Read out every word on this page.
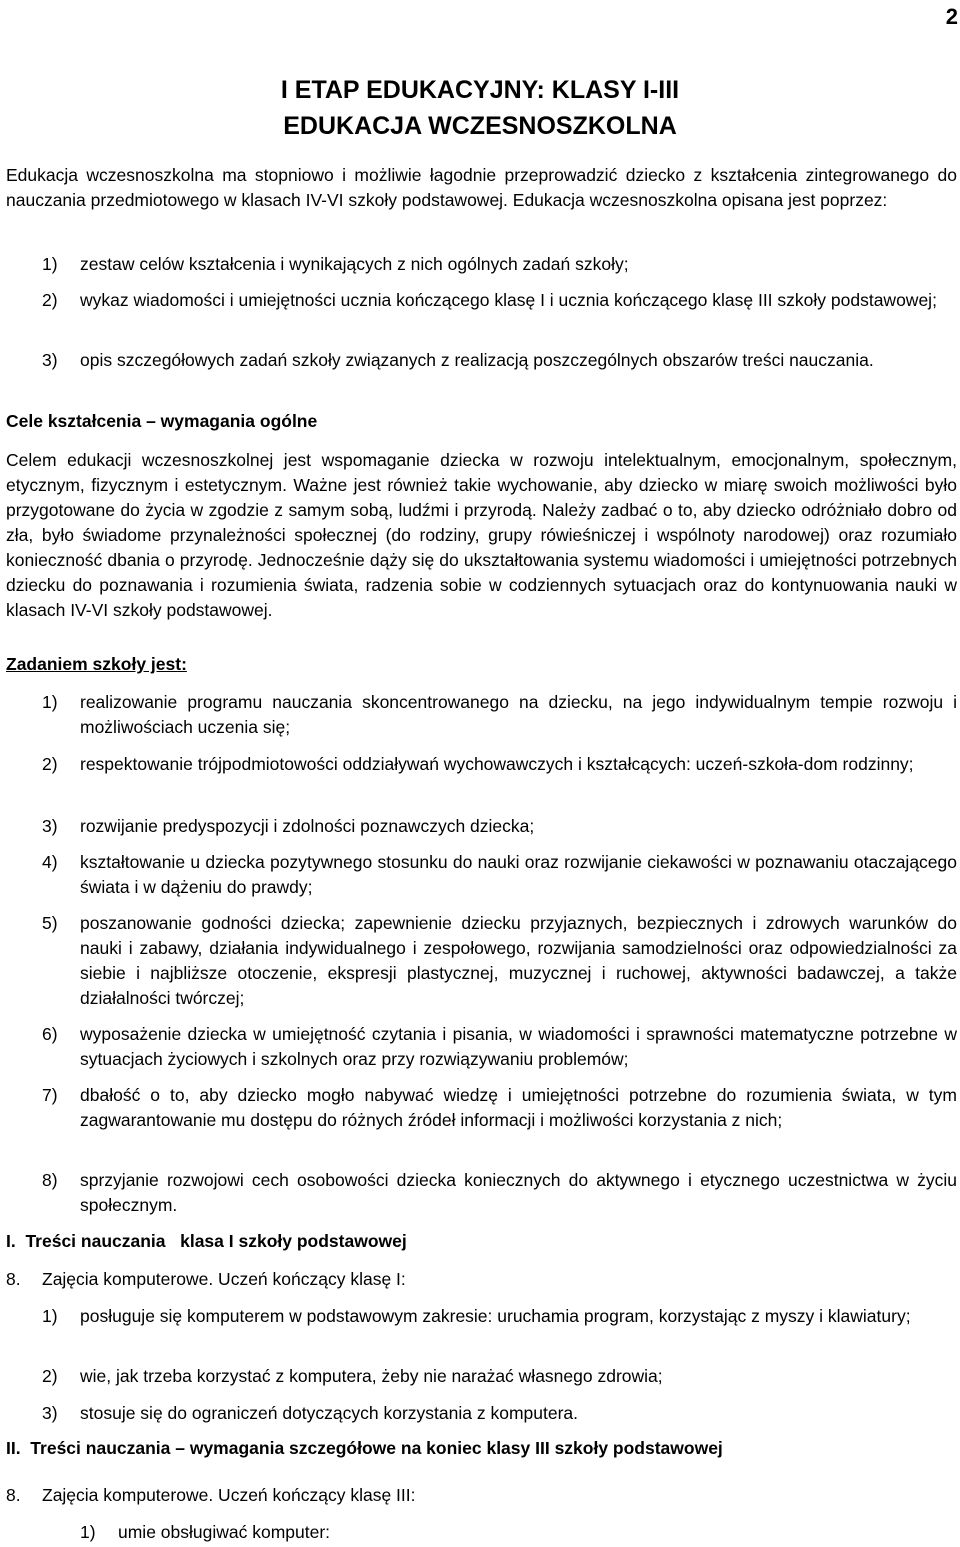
2
I ETAP EDUKACYJNY: KLASY I-III
EDUKACJA WCZESNOSZKOLNA
Edukacja wczesnoszkolna ma stopniowo i możliwie łagodnie przeprowadzić dziecko z kształcenia zintegrowanego do nauczania przedmiotowego w klasach IV-VI szkoły podstawowej. Edukacja wczesnoszkolna opisana jest poprzez:
1) zestaw celów kształcenia i wynikających z nich ogólnych zadań szkoły;
2) wykaz wiadomości i umiejętności ucznia kończącego klasę I i ucznia kończącego klasę III szkoły podstawowej;
3) opis szczegółowych zadań szkoły związanych z realizacją poszczególnych obszarów treści nauczania.
Cele kształcenia – wymagania ogólne
Celem edukacji wczesnoszkolnej jest wspomaganie dziecka w rozwoju intelektualnym, emocjonalnym, społecznym, etycznym, fizycznym i estetycznym. Ważne jest również takie wychowanie, aby dziecko w miarę swoich możliwości było przygotowane do życia w zgodzie z samym sobą, ludźmi i przyrodą. Należy zadbać o to, aby dziecko odróżniało dobro od zła, było świadome przynależności społecznej (do rodziny, grupy rówieśniczej i wspólnoty narodowej) oraz rozumiało konieczność dbania o przyrodę. Jednocześnie dąży się do ukształtowania systemu wiadomości i umiejętności potrzebnych dziecku do poznawania i rozumienia świata, radzenia sobie w codziennych sytuacjach oraz do kontynuowania nauki w klasach IV-VI szkoły podstawowej.
Zadaniem szkoły jest:
1) realizowanie programu nauczania skoncentrowanego na dziecku, na jego indywidualnym tempie rozwoju i możliwościach uczenia się;
2) respektowanie trójpodmiotowości oddziaływań wychowawczych i kształcących: uczeń-szkoła-dom rodzinny;
3) rozwijanie predyspozycji i zdolności poznawczych dziecka;
4) kształtowanie u dziecka pozytywnego stosunku do nauki oraz rozwijanie ciekawości w poznawaniu otaczającego świata i w dążeniu do prawdy;
5) poszanowanie godności dziecka; zapewnienie dziecku przyjaznych, bezpiecznych i zdrowych warunków do nauki i zabawy, działania indywidualnego i zespołowego, rozwijania samodzielności oraz odpowiedzialności za siebie i najbliższe otoczenie, ekspresji plastycznej, muzycznej i ruchowej, aktywności badawczej, a także działalności twórczej;
6) wyposażenie dziecka w umiejętność czytania i pisania, w wiadomości i sprawności matematyczne potrzebne w sytuacjach życiowych i szkolnych oraz przy rozwiązywaniu problemów;
7) dbałość o to, aby dziecko mogło nabywać wiedzę i umiejętności potrzebne do rozumienia świata, w tym zagwarantowanie mu dostępu do różnych źródeł informacji i możliwości korzystania z nich;
8) sprzyjanie rozwojowi cech osobowości dziecka koniecznych do aktywnego i etycznego uczestnictwa w życiu społecznym.
I.  Treści nauczania   klasa I szkoły podstawowej
8. Zajęcia komputerowe. Uczeń kończący klasę I:
1) posługuje się komputerem w podstawowym zakresie: uruchamia program, korzystając z myszy i klawiatury;
2) wie, jak trzeba korzystać z komputera, żeby nie narażać własnego zdrowia;
3) stosuje się do ograniczeń dotyczących korzystania z komputera.
II.  Treści nauczania – wymagania szczegółowe na koniec klasy III szkoły podstawowej
8. Zajęcia komputerowe. Uczeń kończący klasę III:
1) umie obsługiwać komputer:
